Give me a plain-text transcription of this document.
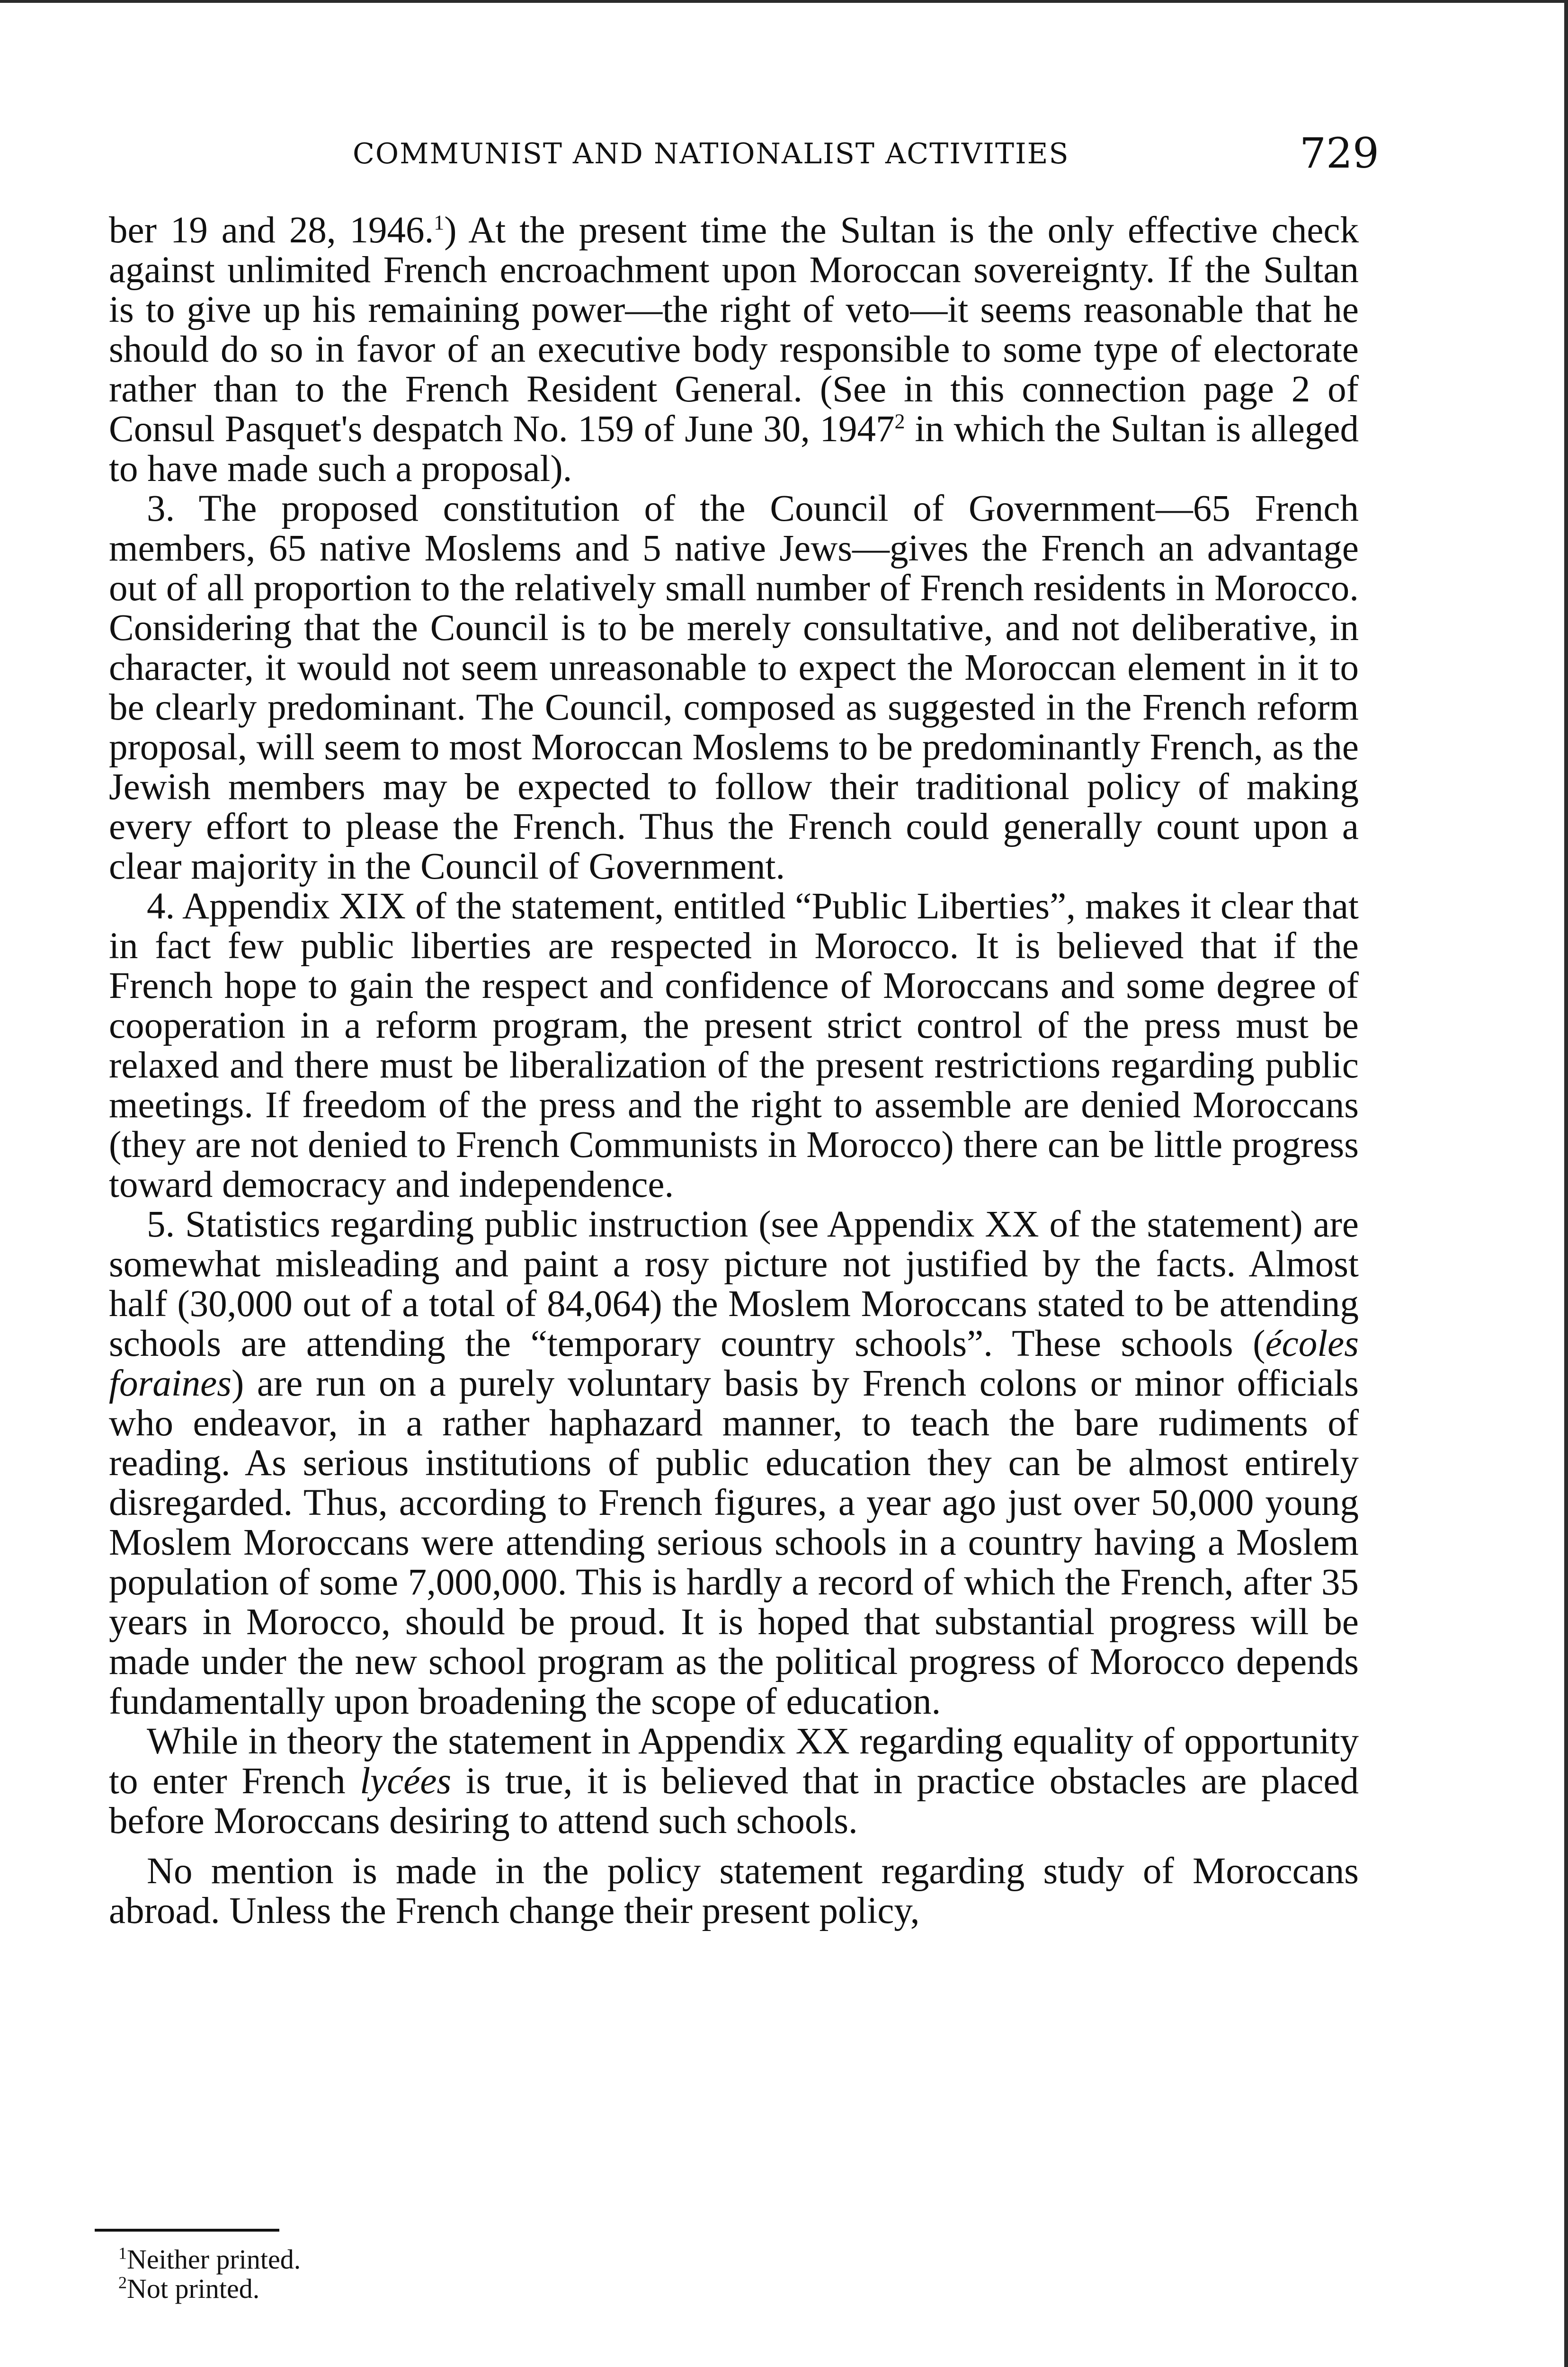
COMMUNIST AND NATIONALIST ACTIVITIES	729

ber 19 and 28, 1946.$^1$) At the present time the Sultan is the only effective check against unlimited French encroachment upon Moroccan sovereignty. If the Sultan is to give up his remaining power—the right of veto—it seems reasonable that he should do so in favor of an executive body responsible to some type of electorate rather than to the French Resident General. (See in this connection page 2 of Consul Pasquet's despatch No. 159 of June 30, 1947$^2$ in which the Sultan is alleged to have made such a proposal).

3. The proposed constitution of the Council of Government—65 French members, 65 native Moslems and 5 native Jews—gives the French an advantage out of all proportion to the relatively small number of French residents in Morocco. Considering that the Council is to be merely consultative, and not deliberative, in character, it would not seem unreasonable to expect the Moroccan element in it to be clearly predominant. The Council, composed as suggested in the French reform proposal, will seem to most Moroccan Moslems to be predominantly French, as the Jewish members may be expected to follow their traditional policy of making every effort to please the French. Thus the French could generally count upon a clear majority in the Council of Government.

4. Appendix XIX of the statement, entitled “Public Liberties”, makes it clear that in fact few public liberties are respected in Morocco. It is believed that if the French hope to gain the respect and confidence of Moroccans and some degree of cooperation in a reform program, the present strict control of the press must be relaxed and there must be liberalization of the present restrictions regarding public meetings. If freedom of the press and the right to assemble are denied Moroccans (they are not denied to French Communists in Morocco) there can be little progress toward democracy and independence.

5. Statistics regarding public instruction (see Appendix XX of the statement) are somewhat misleading and paint a rosy picture not justified by the facts. Almost half (30,000 out of a total of 84,064) the Moslem Moroccans stated to be attending schools are attending the “temporary country schools”. These schools (écoles foraines) are run on a purely voluntary basis by French colons or minor officials who endeavor, in a rather haphazard manner, to teach the bare rudiments of reading. As serious institutions of public education they can be almost entirely disregarded. Thus, according to French figures, a year ago just over 50,000 young Moslem Moroccans were attending serious schools in a country having a Moslem population of some 7,000,000. This is hardly a record of which the French, after 35 years in Morocco, should be proud. It is hoped that substantial progress will be made under the new school program as the political progress of Morocco depends fundamentally upon broadening the scope of education.

While in theory the statement in Appendix XX regarding equality of opportunity to enter French lycées is true, it is believed that in practice obstacles are placed before Moroccans desiring to attend such schools.

No mention is made in the policy statement regarding study of Moroccans abroad. Unless the French change their present policy,

$^1$Neither printed.
$^2$Not printed.
